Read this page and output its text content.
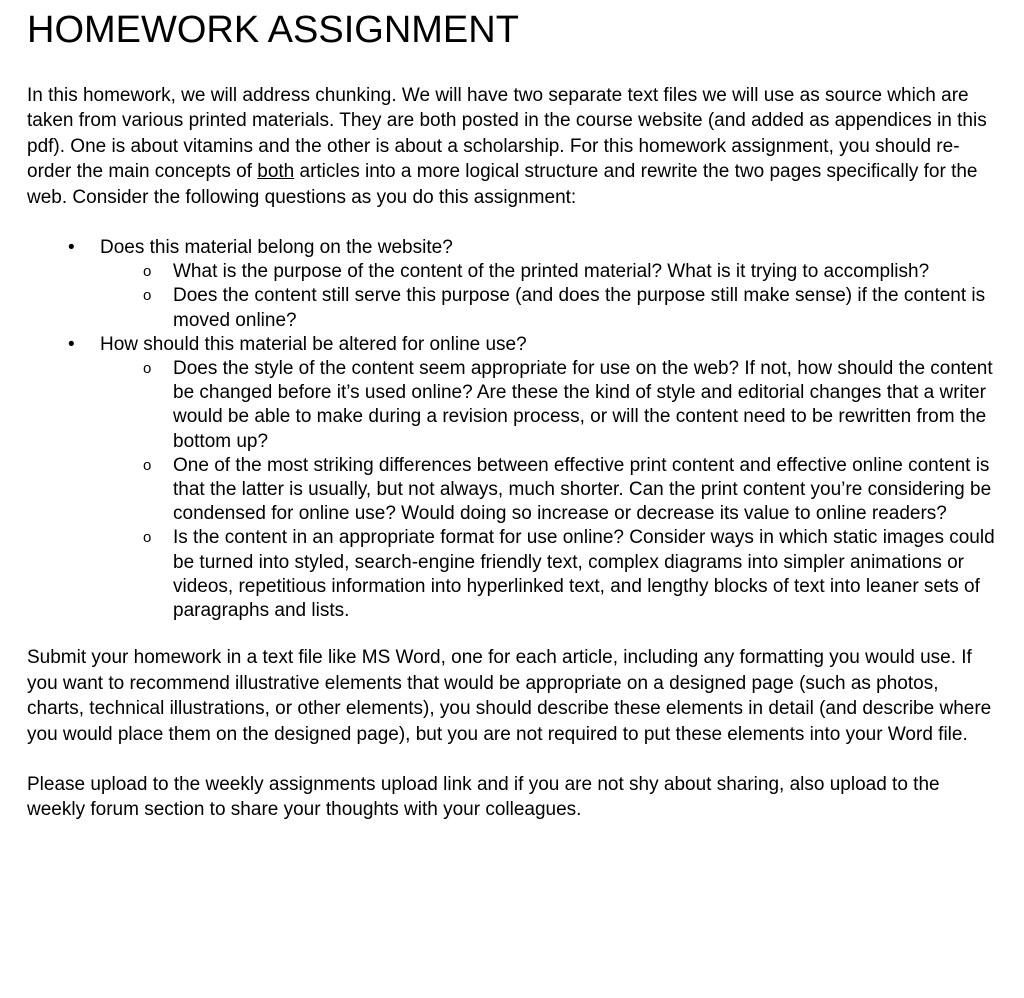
HOMEWORK ASSIGNMENT

In this homework, we will address chunking. We will have two separate text files we will use as source which are taken from various printed materials. They are both posted in the course website (and added as appendices in this pdf). One is about vitamins and the other is about a scholarship. For this homework assignment, you should re-order the main concepts of both articles into a more logical structure and rewrite the two pages specifically for the web. Consider the following questions as you do this assignment:

•	Does this material belong on the website?
o What is the purpose of the content of the printed material? What is it trying to accomplish?
o Does the content still serve this purpose (and does the purpose still make sense) if the content is moved online?
•	How should this material be altered for online use?
o Does the style of the content seem appropriate for use on the web? If not, how should the content be changed before it’s used online? Are these the kind of style and editorial changes that a writer would be able to make during a revision process, or will the content need to be rewritten from the bottom up?
o One of the most striking differences between effective print content and effective online content is that the latter is usually, but not always, much shorter. Can the print content you’re considering be condensed for online use? Would doing so increase or decrease its value to online readers?
o Is the content in an appropriate format for use online? Consider ways in which static images could be turned into styled, search-engine friendly text, complex diagrams into simpler animations or videos, repetitious information into hyperlinked text, and lengthy blocks of text into leaner sets of paragraphs and lists.

Submit your homework in a text file like MS Word, one for each article, including any formatting you would use. If you want to recommend illustrative elements that would be appropriate on a designed page (such as photos, charts, technical illustrations, or other elements), you should describe these elements in detail (and describe where you would place them on the designed page), but you are not required to put these elements into your Word file.

Please upload to the weekly assignments upload link and if you are not shy about sharing, also upload to the weekly forum section to share your thoughts with your colleagues.
